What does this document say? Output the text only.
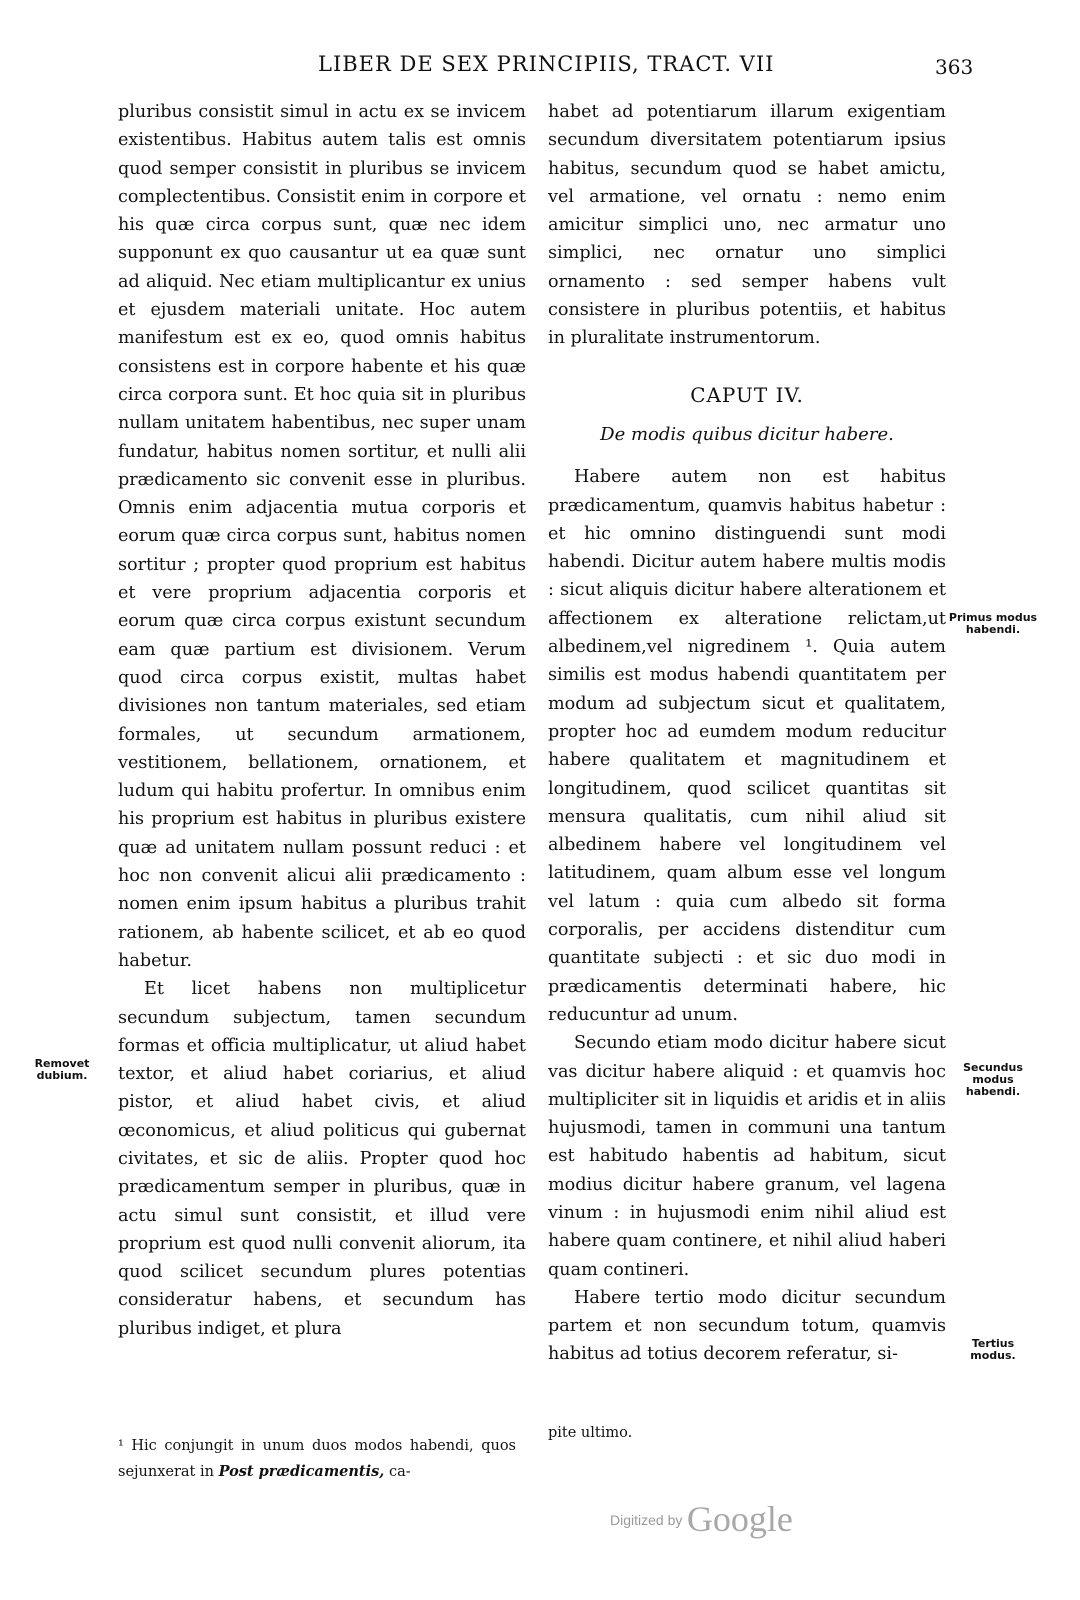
LIBER DE SEX PRINCIPIIS, TRACT. VII	363

pluribus consistit simul in actu ex se invicem existentibus. Habitus autem talis est omnis quod semper consistit in pluribus se invicem complectentibus. Consistit enim in corpore et his quæ circa corpus sunt, quæ nec idem supponunt ex quo causantur ut ea quæ sunt ad aliquid. Nec etiam multiplicantur ex unius et ejusdem materiali unitate. Hoc autem manifestum est ex eo, quod omnis habitus consistens est in corpore habente et his quæ circa corpora sunt. Et hoc quia sit in pluribus nullam unitatem habentibus, nec super unam fundatur, habitus nomen sortitur, et nulli alii prædicamento sic convenit esse in pluribus. Omnis enim adjacentia mutua corporis et eorum quæ circa corpus sunt, habitus nomen sortitur ; propter quod proprium est habitus et vere proprium adjacentia corporis et eorum quæ circa corpus existunt secundum eam quæ partium est divisionem. Verum quod circa corpus existit, multas habet divisiones non tantum materiales, sed etiam formales, ut secundum armationem, vestitionem, bellationem, ornationem, et ludum qui habitu profertur. In omnibus enim his proprium est habitus in pluribus existere quæ ad unitatem nullam possunt reduci : et hoc non convenit alicui alii prædicamento : nomen enim ipsum habitus a pluribus trahit rationem, ab habente scilicet, et ab eo quod habetur.

Et licet habens non multiplicetur secundum subjectum, tamen secundum formas et officia multiplicatur, ut aliud habet textor, et aliud habet coriarius, et aliud pistor, et aliud habet civis, et aliud œconomicus, et aliud politicus qui gubernat civitates, et sic de aliis. Propter quod hoc prædicamentum semper in pluribus, quæ in actu simul sunt consistit, et illud vere proprium est quod nulli convenit aliorum, ita quod scilicet secundum plures potentias consideratur habens, et secundum has pluribus indiget, et plura

habet ad potentiarum illarum exigentiam secundum diversitatem potentiarum ipsius habitus, secundum quod se habet amictu, vel armatione, vel ornatu : nemo enim amicitur simplici uno, nec armatur uno simplici, nec ornatur uno simplici ornamento : sed semper habens vult consistere in pluribus potentiis, et habitus in pluralitate instrumentorum.

CAPUT IV.
De modis quibus dicitur habere.

Habere autem non est habitus prædicamentum, quamvis habitus habetur : et hic omnino distinguendi sunt modi habendi. Dicitur autem habere multis modis : sicut aliquis dicitur habere alterationem et affectionem ex alteratione relictam,ut albedinem,vel nigredinem ¹. Quia autem similis est modus habendi quantitatem per modum ad subjectum sicut et qualitatem, propter hoc ad eumdem modum reducitur habere qualitatem et magnitudinem et longitudinem, quod scilicet quantitas sit mensura qualitatis, cum nihil aliud sit albedinem habere vel longitudinem vel latitudinem, quam album esse vel longum vel latum : quia cum albedo sit forma corporalis, per accidens distenditur cum quantitate subjecti : et sic duo modi in prædicamentis determinati habere, hic reducuntur ad unum.

Secundo etiam modo dicitur habere sicut vas dicitur habere aliquid : et quamvis hoc multipliciter sit in liquidis et aridis et in aliis hujusmodi, tamen in communi una tantum est habitudo habentis ad habitum, sicut modius dicitur habere granum, vel lagena vinum : in hujusmodi enim nihil aliud est habere quam continere, et nihil aliud haberi quam contineri.

Habere tertio modo dicitur secundum partem et non secundum totum, quamvis habitus ad totius decorem referatur, si-

¹ Hic conjungit in unum duos modos habendi, quos sejunxerat in Post prædicamentis, ca-
pite ultimo.
Removet dubium.
Primus modus habendi.
Secundus modus habendi.
Tertius modus.
Digitized by Google
